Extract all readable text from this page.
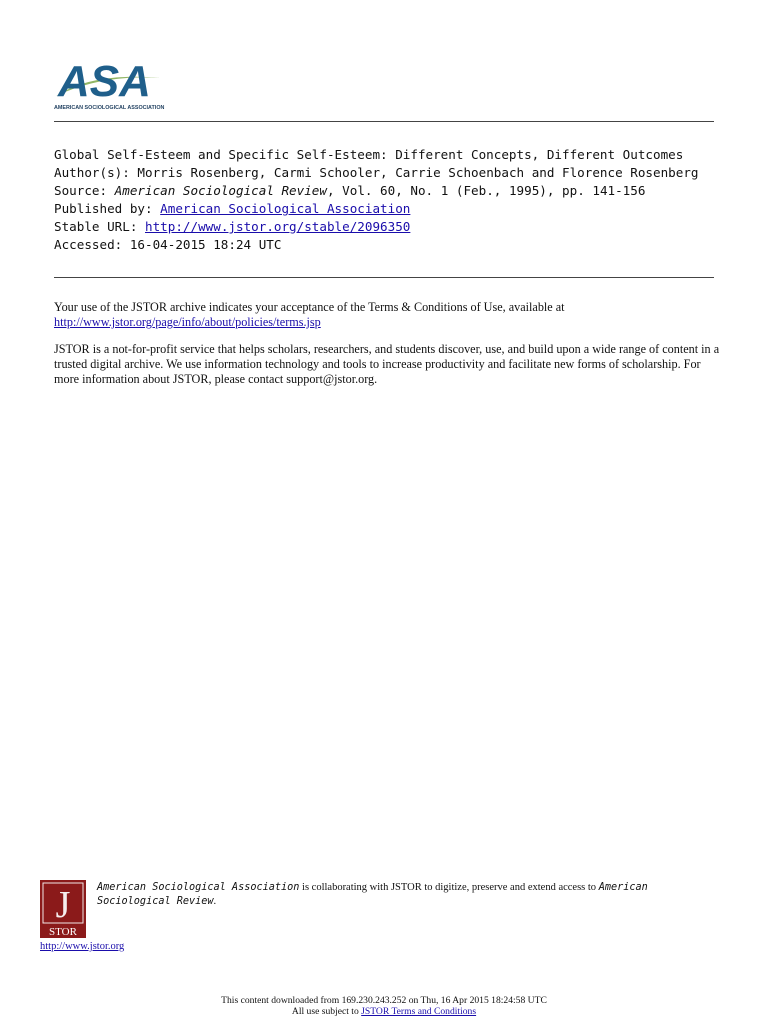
ASA
AMERICAN SOCIOLOGICAL ASSOCIATION
Global Self-Esteem and Specific Self-Esteem: Different Concepts, Different Outcomes
Author(s): Morris Rosenberg, Carmi Schooler, Carrie Schoenbach and Florence Rosenberg
Source: American Sociological Review, Vol. 60, No. 1 (Feb., 1995), pp. 141-156
Published by: American Sociological Association
Stable URL: http://www.jstor.org/stable/2096350
Accessed: 16-04-2015 18:24 UTC
Your use of the JSTOR archive indicates your acceptance of the Terms & Conditions of Use, available at
http://www.jstor.org/page/info/about/policies/terms.jsp
JSTOR is a not-for-profit service that helps scholars, researchers, and students discover, use, and build upon a wide range of content in a trusted digital archive. We use information technology and tools to increase productivity and facilitate new forms of scholarship. For more information about JSTOR, please contact support@jstor.org.
J
STOR
http://www.jstor.org
American Sociological Association is collaborating with JSTOR to digitize, preserve and extend access to American Sociological Review.
This content downloaded from 169.230.243.252 on Thu, 16 Apr 2015 18:24:58 UTC
All use subject to JSTOR Terms and Conditions
